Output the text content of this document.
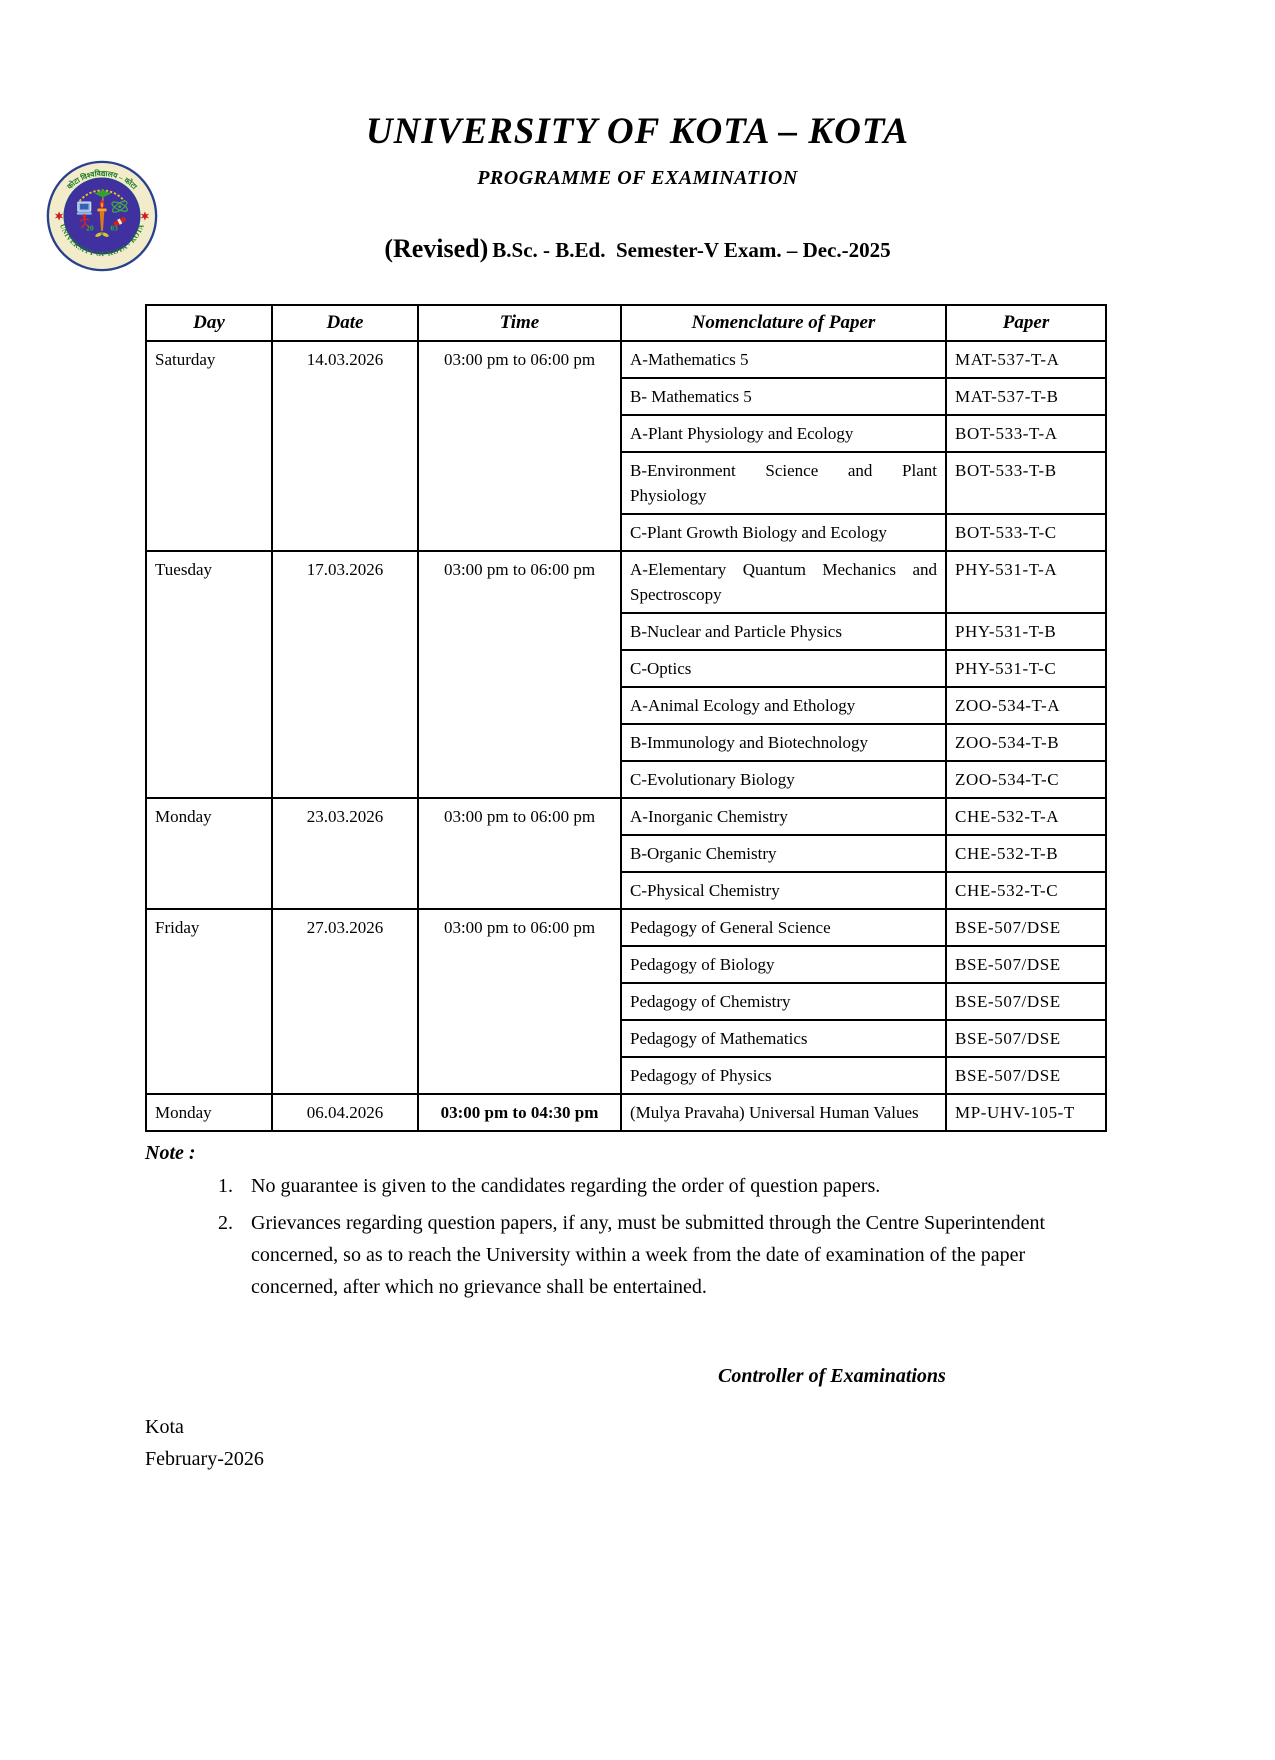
कोटा विश्वविद्यालय – कोटा
UNIVERSITY OF KOTA - KOTA
20 03
UNIVERSITY OF KOTA – KOTA
PROGRAMME OF EXAMINATION
(Revised) B.Sc. - B.Ed.  Semester-V Exam. – Dec.-2025
Day	Date	Time	Nomenclature of Paper	Paper
Saturday	14.03.2026	03:00 pm to 06:00 pm	A-Mathematics 5	MAT-537-T-A
			B- Mathematics 5	MAT-537-T-B
			A-Plant Physiology and Ecology	BOT-533-T-A
			B-Environment Science and Plant Physiology	BOT-533-T-B
			C-Plant Growth Biology and Ecology	BOT-533-T-C
Tuesday	17.03.2026	03:00 pm to 06:00 pm	A-Elementary Quantum Mechanics and Spectroscopy	PHY-531-T-A
			B-Nuclear and Particle Physics	PHY-531-T-B
			C-Optics	PHY-531-T-C
			A-Animal Ecology and Ethology	ZOO-534-T-A
			B-Immunology and Biotechnology	ZOO-534-T-B
			C-Evolutionary Biology	ZOO-534-T-C
Monday	23.03.2026	03:00 pm to 06:00 pm	A-Inorganic Chemistry	CHE-532-T-A
			B-Organic Chemistry	CHE-532-T-B
			C-Physical Chemistry	CHE-532-T-C
Friday	27.03.2026	03:00 pm to 06:00 pm	Pedagogy of General Science	BSE-507/DSE
			Pedagogy of Biology	BSE-507/DSE
			Pedagogy of Chemistry	BSE-507/DSE
			Pedagogy of Mathematics	BSE-507/DSE
			Pedagogy of Physics	BSE-507/DSE
Monday	06.04.2026	03:00 pm to 04:30 pm	(Mulya Pravaha) Universal Human Values	MP-UHV-105-T
Note :
1. No guarantee is given to the candidates regarding the order of question papers.
2. Grievances regarding question papers, if any, must be submitted through the Centre Superintendent concerned, so as to reach the University within a week from the date of examination of the paper concerned, after which no grievance shall be entertained.
Controller of Examinations
Kota
February-2026
